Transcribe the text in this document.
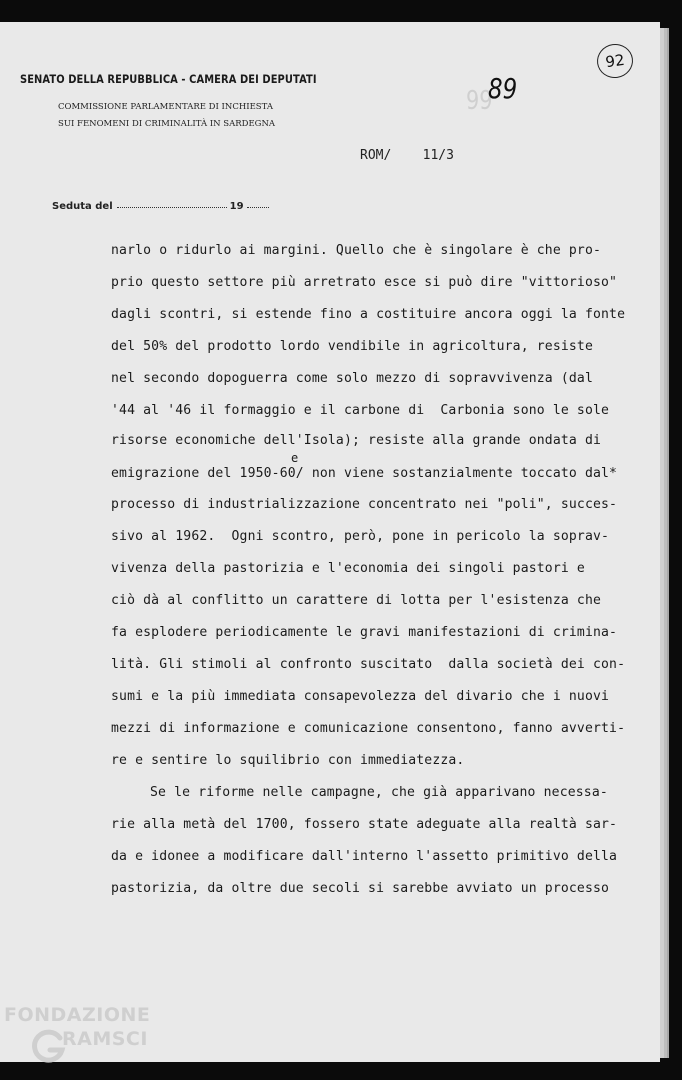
SENATO DELLA REPUBBLICA - CAMERA DEI DEPUTATI
COMMISSIONE PARLAMENTARE DI INCHIESTA
SUI FENOMENI DI CRIMINALITÀ IN SARDEGNA
99
89
92
ROM/    11/3
Seduta del	19
narlo o ridurlo ai margini. Quello che è singolare è che pro-
prio questo settore più arretrato esce si può dire "vittorioso"
dagli scontri, si estende fino a costituire ancora oggi la fonte
del 50% del prodotto lordo vendibile in agricoltura, resiste
nel secondo dopoguerra come solo mezzo di sopravvivenza (dal
'44 al '46 il formaggio e il carbone di  Carbonia sono le sole
risorse economiche dell'Isola); resiste alla grande ondata di
emigrazione del 1950-60/ non viene sostanzialmente toccato dal*
processo di industrializzazione concentrato nei "poli", succes-
sivo al 1962.  Ogni scontro, però, pone in pericolo la soprav-
vivenza della pastorizia e l'economia dei singoli pastori e
ciò dà al conflitto un carattere di lotta per l'esistenza che
fa esplodere periodicamente le gravi manifestazioni di crimina-
lità. Gli stimoli al confronto suscitato  dalla società dei con-
sumi e la più immediata consapevolezza del divario che i nuovi
mezzi di informazione e comunicazione consentono, fanno avverti-
re e sentire lo squilibrio con immediatezza.
Se le riforme nelle campagne, che già apparivano necessa-
rie alla metà del 1700, fossero state adeguate alla realtà sar-
da e idonee a modificare dall'interno l'assetto primitivo della
pastorizia, da oltre due secoli si sarebbe avviato un processo
e
FONDAZIONE
RAMSCI
